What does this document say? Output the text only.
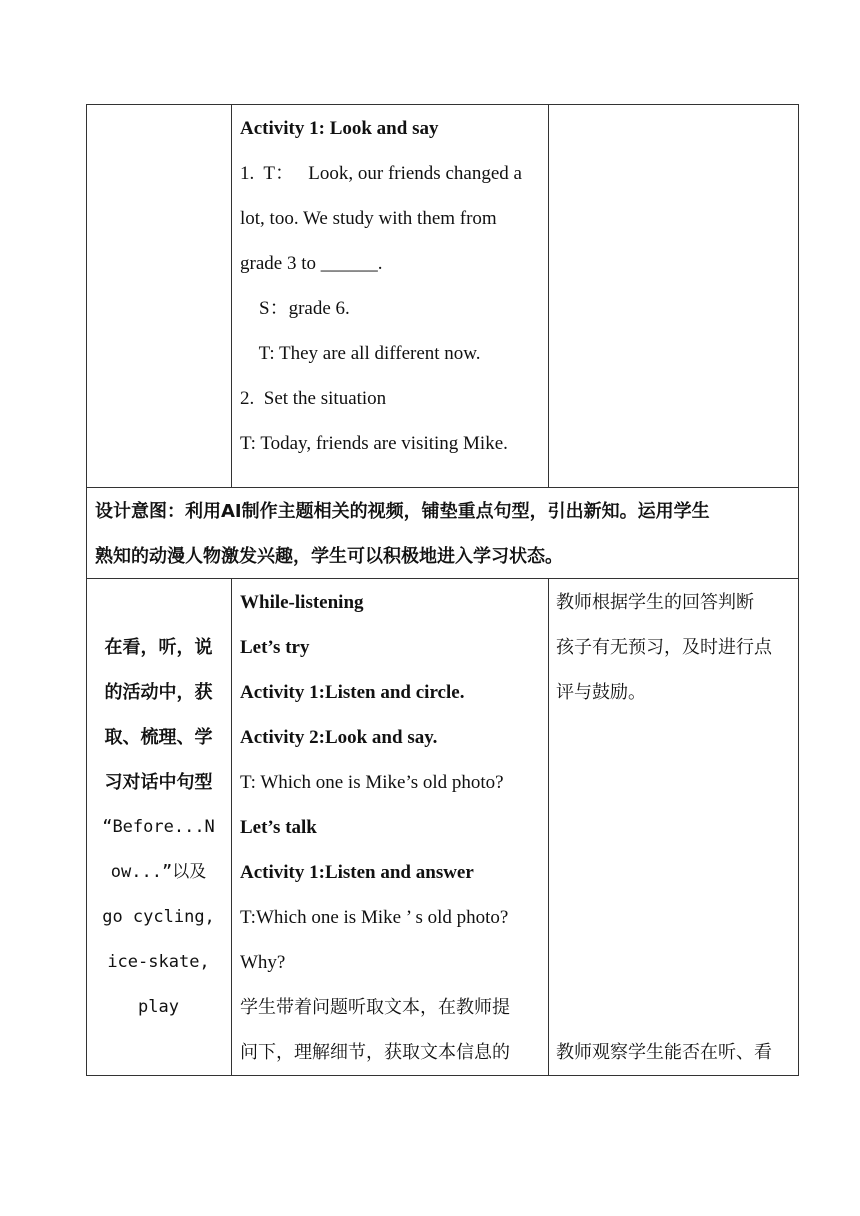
Activity 1: Look and say
1.  T：   Look, our friends changed a
lot, too. We study with them from
grade 3 to ______.
S：grade 6.
T: They are all different now.
2.  Set the situation
T: Today, friends are visiting Mike.
设计意图：利用AI制作主题相关的视频，铺垫重点句型，引出新知。运用学生
熟知的动漫人物激发兴趣，学生可以积极地进入学习状态。
在看，听，说
的活动中，获
取、梳理、学
习对话中句型
“Before...N
ow...”以及
go cycling,
ice-skate,
play
While-listening
Let’s try
Activity 1:Listen and circle.
Activity 2:Look and say.
T: Which one is Mike’s old photo?
Let’s talk
Activity 1:Listen and answer
T:Which one is Mike ’ s old photo?
Why?
学生带着问题听取文本，在教师提
问下，理解细节，获取文本信息的
教师根据学生的回答判断
孩子有无预习，及时进行点
评与鼓励。
教师观察学生能否在听、看
